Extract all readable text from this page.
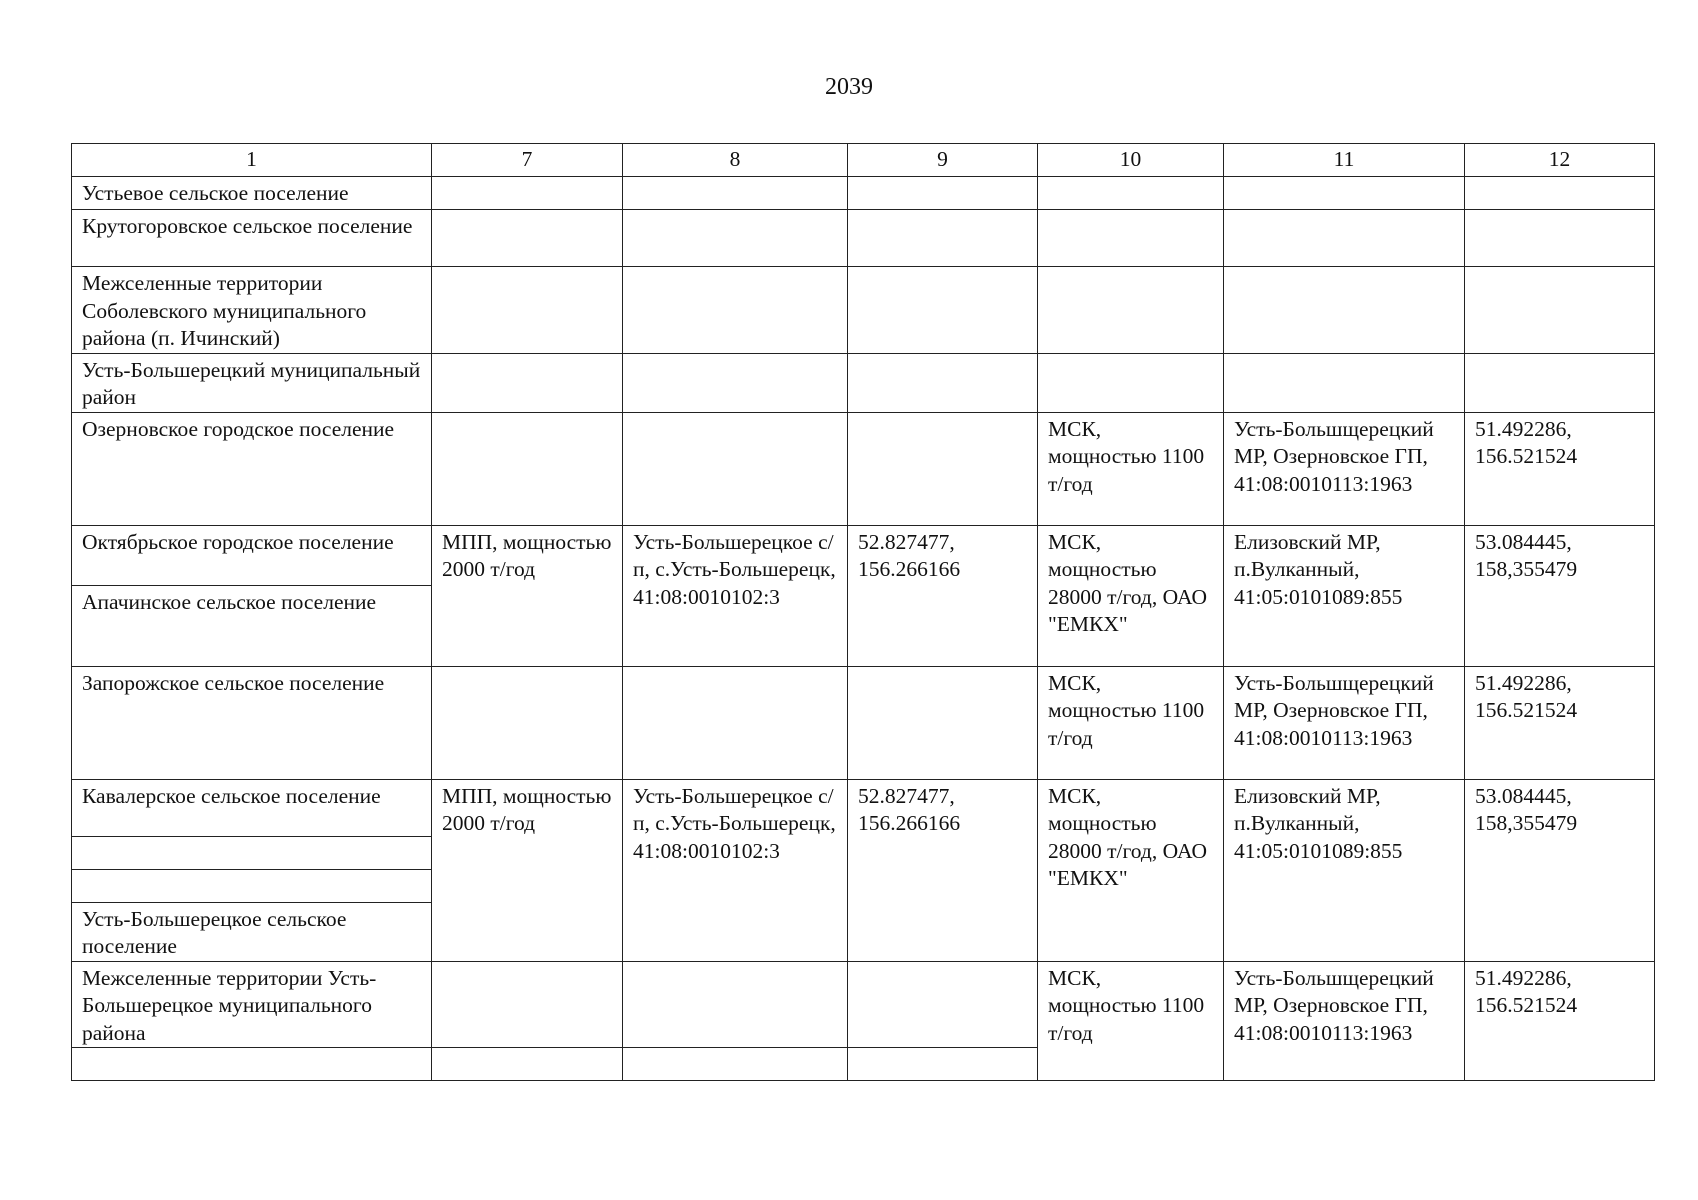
2039
1	7	8	9	10	11	12
Устьевое сельское поселение						
Крутогоровское сельское поселение						
Межселенные территории Соболевского муниципального района (п. Ичинский)						
Усть-Большерецкий муниципальный район						
Озерновское городское поселение				МСК, мощностью 1100 т/год	Усть-Большщерецкий МР, Озерновское ГП, 41:08:0010113:1963	51.492286, 156.521524
Октябрьское городское поселение	МПП, мощностью 2000 т/год	Усть-Большерецкое с/п, с.Усть-Большерецк, 41:08:0010102:3	52.827477, 156.266166	МСК, мощностью 28000 т/год, ОАО "ЕМКХ"	Елизовский МР, п.Вулканный, 41:05:0101089:855	53.084445, 158,355479
Апачинское сельское поселение						
Запорожское сельское поселение				МСК, мощностью 1100 т/год	Усть-Большщерецкий МР, Озерновское ГП, 41:08:0010113:1963	51.492286, 156.521524
Кавалерское сельское поселение	МПП, мощностью 2000 т/год	Усть-Большерецкое с/п, с.Усть-Большерецк, 41:08:0010102:3	52.827477, 156.266166	МСК, мощностью 28000 т/год, ОАО "ЕМКХ"	Елизовский МР, п.Вулканный, 41:05:0101089:855	53.084445, 158,355479

Усть-Большерецкое сельское поселение						
Межселенные территории Усть-Большерецкое муниципального района				МСК, мощностью 1100 т/год	Усть-Большщерецкий МР, Озерновское ГП, 41:08:0010113:1963	51.492286, 156.521524
